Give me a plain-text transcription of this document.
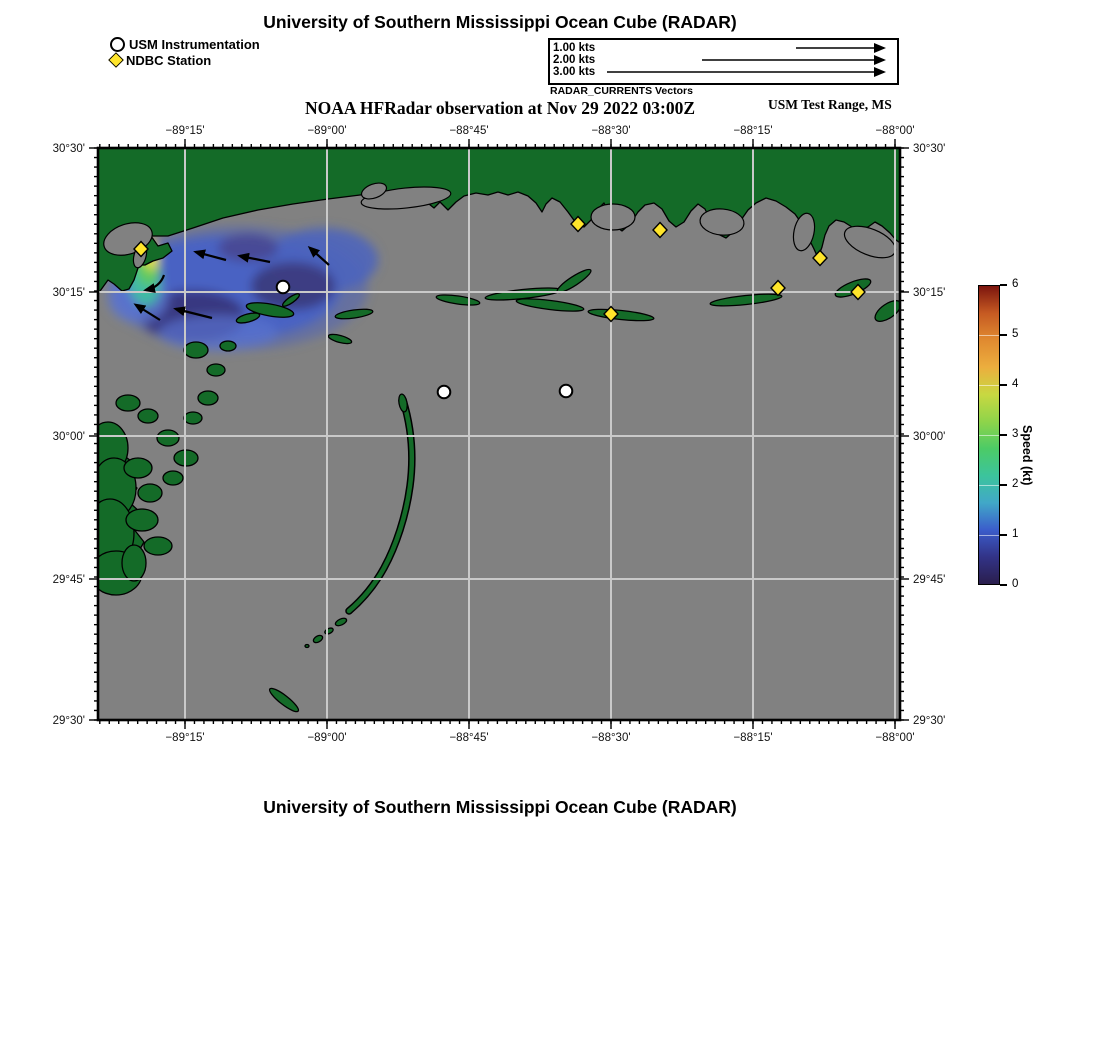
University of Southern Mississippi Ocean Cube (RADAR)
USM Instrumentation
NDBC Station
1.00 kts
2.00 kts
3.00 kts
RADAR_CURRENTS Vectors
NOAA HFRadar observation at Nov 29 2022 03:00Z	USM Test Range, MS
−89°15'
−89°15'
−89°00'
−89°00'
−88°45'
−88°45'
−88°30'
−88°30'
−88°15'
−88°15'
−88°00'
−88°00'
30°30'	30°30'
30°15'	30°15'
30°00'	30°00'
29°45'	29°45'
29°30'	29°30'
0
1
2
3
4
5
6
Speed (kt)
University of Southern Mississippi Ocean Cube (RADAR)
